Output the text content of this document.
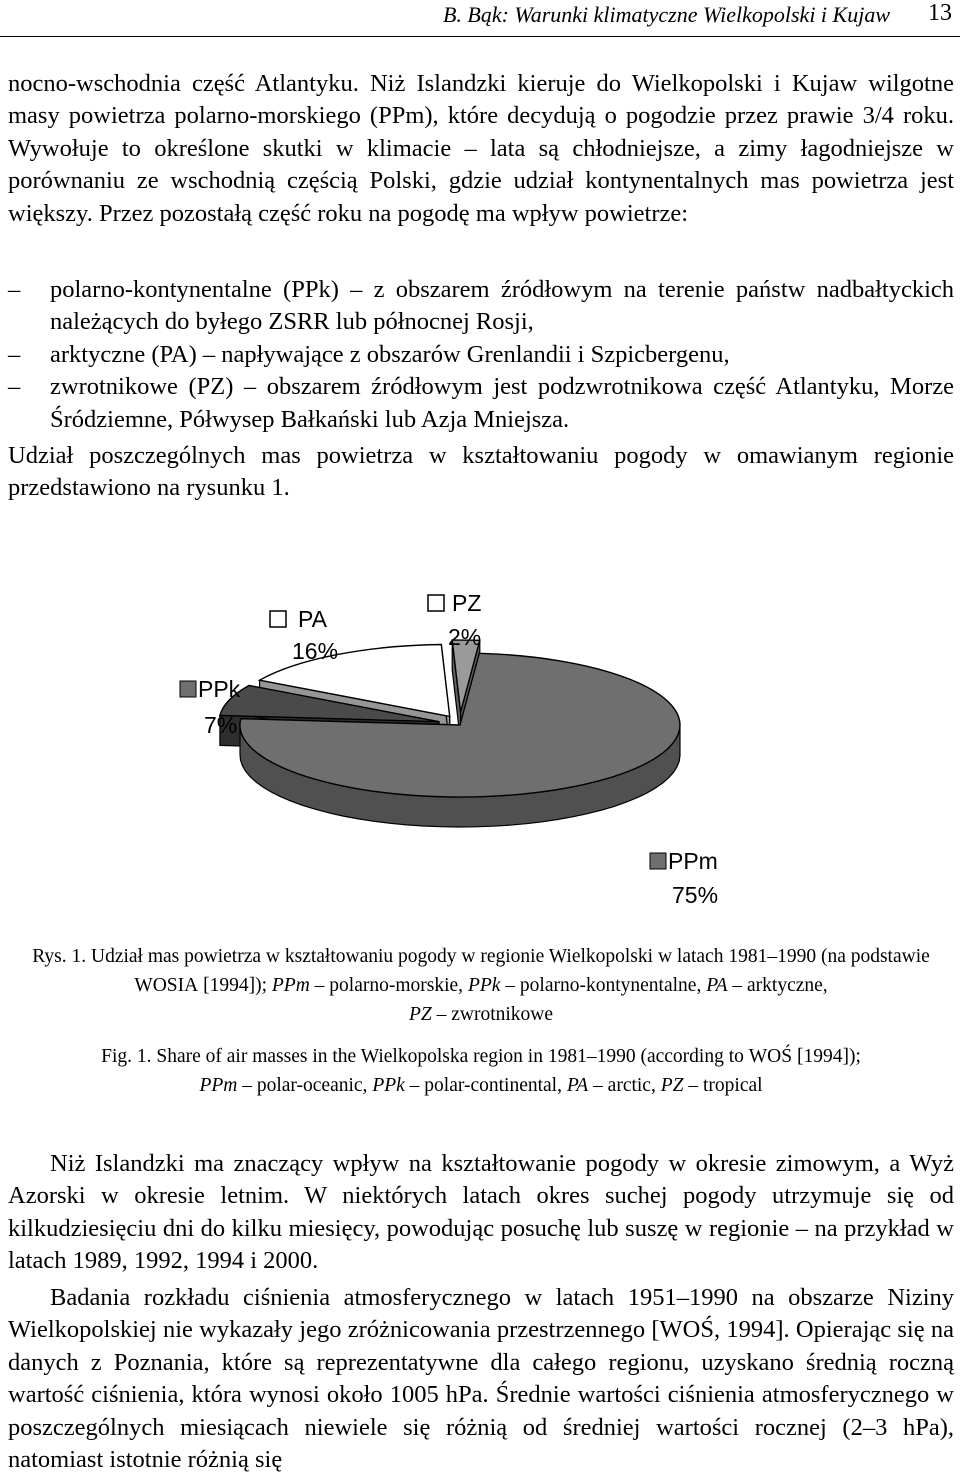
B. Bąk: Warunki klimatyczne Wielkopolski i Kujaw 13

nocno-wschodnia część Atlantyku. Niż Islandzki kieruje do Wielkopolski i Kujaw wilgotne masy powietrza polarno-morskiego (PPm), które decydują o pogodzie przez prawie 3/4 roku. Wywołuje to określone skutki w klimacie – lata są chłodniejsze, a zimy łagodniejsze w porównaniu ze wschodnią częścią Polski, gdzie udział kontynentalnych mas powietrza jest większy. Przez pozostałą część roku na pogodę ma wpływ powietrze:

– polarno-kontynentalne (PPk) – z obszarem źródłowym na terenie państw nadbałtyckich należących do byłego ZSRR lub północnej Rosji,
– arktyczne (PA) – napływające z obszarów Grenlandii i Szpicbergenu,
– zwrotnikowe (PZ) – obszarem źródłowym jest podzwrotnikowa część Atlantyku, Morze Śródziemne, Półwysep Bałkański lub Azja Mniejsza.

Udział poszczególnych mas powietrza w kształtowaniu pogody w omawianym regionie przedstawiono na rysunku 1.

PPk
7%
PA
16%
PZ
2%
PPm
75%

Rys. 1. Udział mas powietrza w kształtowaniu pogody w regionie Wielkopolski w latach 1981–1990 (na podstawie WOSIA [1994]); PPm – polarno-morskie, PPk – polarno-kontynentalne, PA – arktyczne,
PZ – zwrotnikowe

Fig. 1. Share of air masses in the Wielkopolska region in 1981–1990 (according to WOŚ [1994]);
PPm – polar-oceanic, PPk – polar-continental, PA – arctic, PZ – tropical

Niż Islandzki ma znaczący wpływ na kształtowanie pogody w okresie zimowym, a Wyż Azorski w okresie letnim. W niektórych latach okres suchej pogody utrzymuje się od kilkudziesięciu dni do kilku miesięcy, powodując posuchę lub suszę w regionie – na przykład w latach 1989, 1992, 1994 i 2000.

Badania rozkładu ciśnienia atmosferycznego w latach 1951–1990 na obszarze Niziny Wielkopolskiej nie wykazały jego zróżnicowania przestrzennego [WOŚ, 1994]. Opierając się na danych z Poznania, które są reprezentatywne dla całego regionu, uzyskano średnią roczną wartość ciśnienia, która wynosi około 1005 hPa. Średnie wartości ciśnienia atmosferycznego w poszczególnych miesiącach niewiele się różnią od średniej wartości rocznej (2–3 hPa), natomiast istotnie różnią się
